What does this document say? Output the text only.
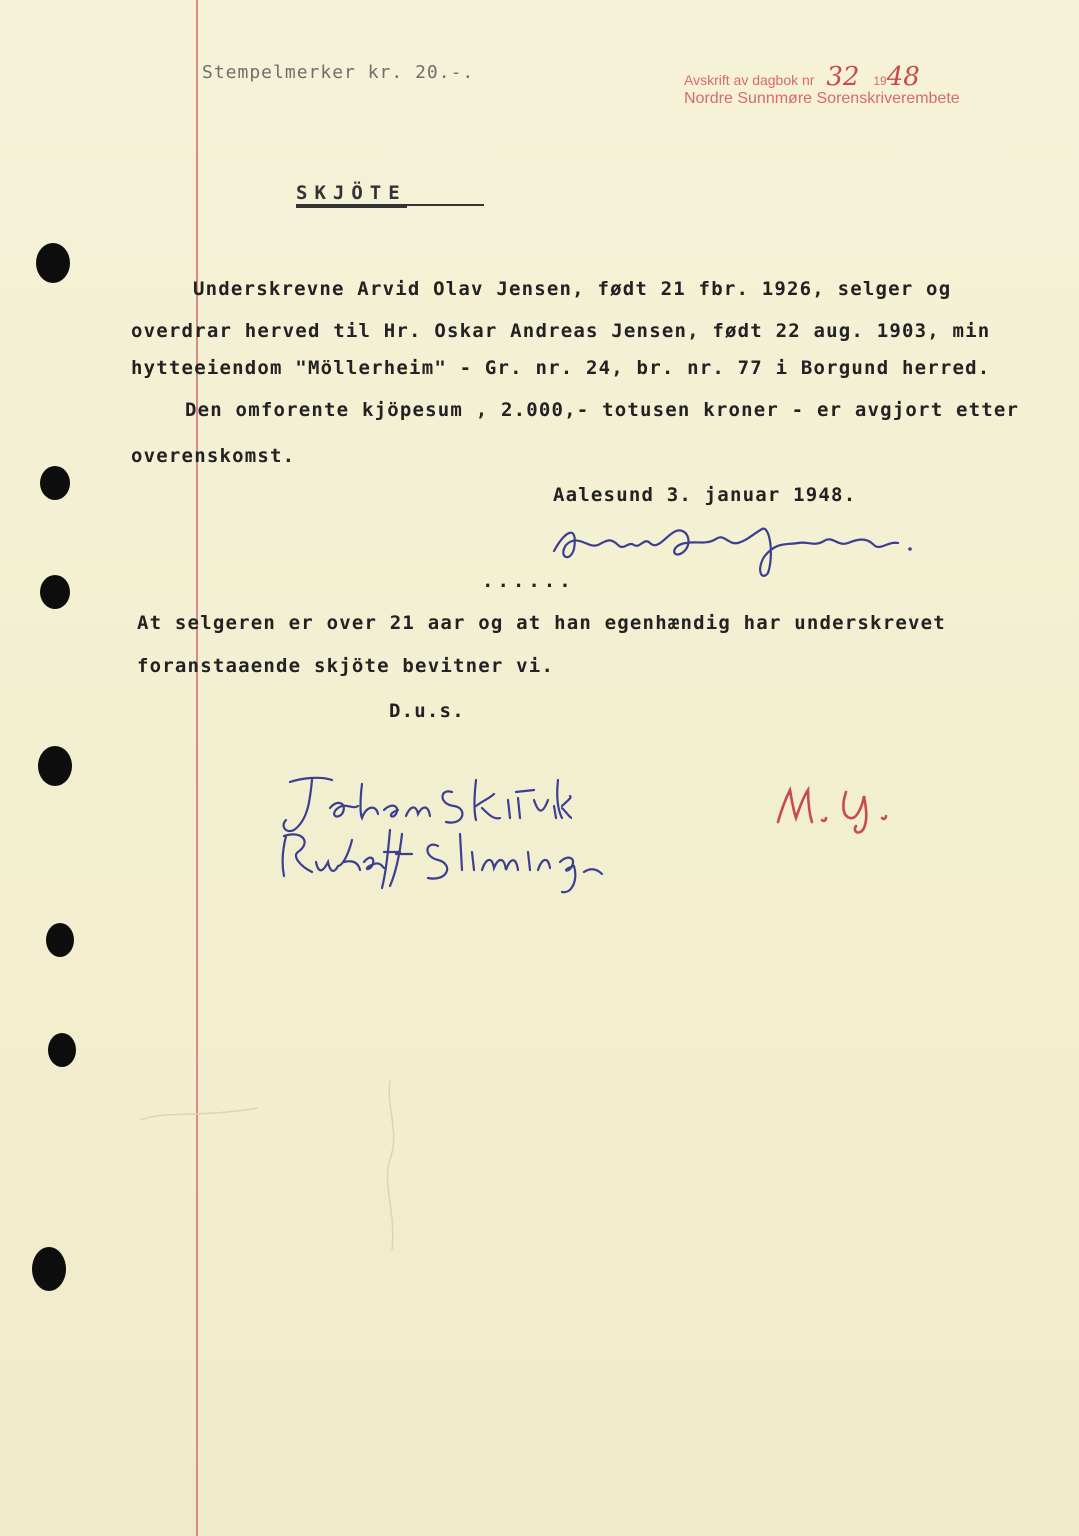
Stempelmerker kr. 20.-.	Avskrift av dagbok nr 32 1948
Nordre Sunnmøre Sorenskriverembete
SKJÖTE
Underskrevne Arvid Olav Jensen, født 21 fbr. 1926, selger og
overdrar herved til Hr. Oskar Andreas Jensen, født 22 aug. 1903, min
hytteeiendom "Möllerheim" - Gr. nr. 24, br. nr. 77 i Borgund herred.
Den omforente kjöpesum , 2.000,- totusen kroner - er avgjort etter
overenskomst.
Aalesund 3. januar 1948.
......
At selgeren er over 21 aar og at han egenhændig har underskrevet
foranstaaende skjöte bevitner vi.
D.u.s.
